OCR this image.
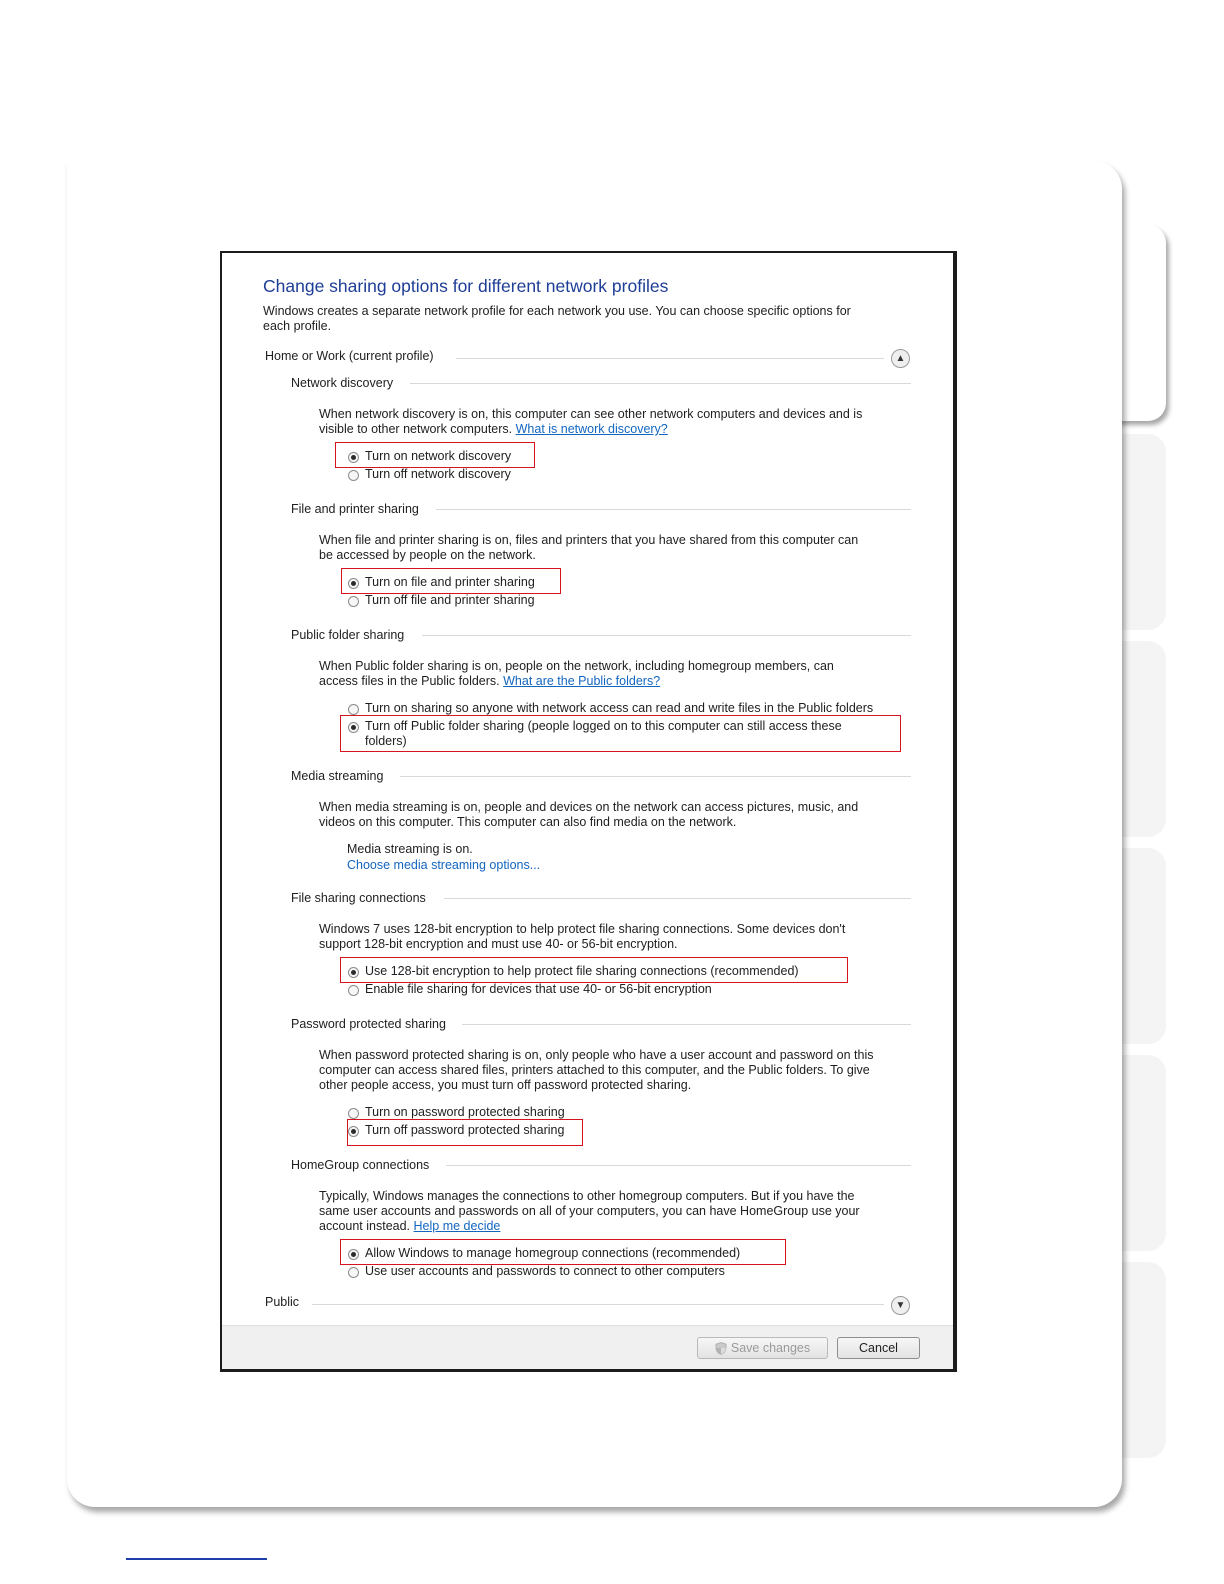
Change sharing options for different network profiles
Windows creates a separate network profile for each network you use. You can choose specific options for
each profile.
Home or Work (current profile)	▲
Network discovery
When network discovery is on, this computer can see other network computers and devices and is
visible to other network computers. What is network discovery?
Turn on network discovery
Turn off network discovery
File and printer sharing
When file and printer sharing is on, files and printers that you have shared from this computer can
be accessed by people on the network.
Turn on file and printer sharing
Turn off file and printer sharing
Public folder sharing
When Public folder sharing is on, people on the network, including homegroup members, can
access files in the Public folders. What are the Public folders?
Turn on sharing so anyone with network access can read and write files in the Public folders
Turn off Public folder sharing (people logged on to this computer can still access these
folders)
Media streaming
When media streaming is on, people and devices on the network can access pictures, music, and
videos on this computer. This computer can also find media on the network.
Media streaming is on.
Choose media streaming options...
File sharing connections
Windows 7 uses 128-bit encryption to help protect file sharing connections. Some devices don't
support 128-bit encryption and must use 40- or 56-bit encryption.
Use 128-bit encryption to help protect file sharing connections (recommended)
Enable file sharing for devices that use 40- or 56-bit encryption
Password protected sharing
When password protected sharing is on, only people who have a user account and password on this
computer can access shared files, printers attached to this computer, and the Public folders. To give
other people access, you must turn off password protected sharing.
Turn on password protected sharing
Turn off password protected sharing
HomeGroup connections
Typically, Windows manages the connections to other homegroup computers. But if you have the
same user accounts and passwords on all of your computers, you can have HomeGroup use your
account instead. Help me decide
Allow Windows to manage homegroup connections (recommended)
Use user accounts and passwords to connect to other computers
Public	▼
Save changes	Cancel
